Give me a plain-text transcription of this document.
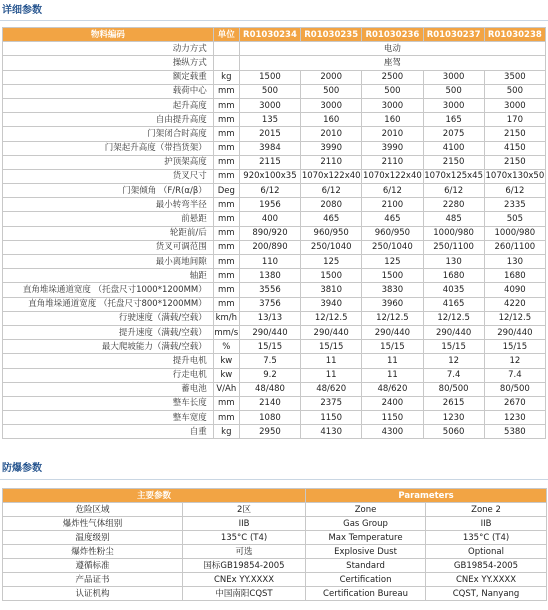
详细参数
物料编码	单位	R01030234	R01030235	R01030236	R01030237	R01030238
动力方式		电动				
操纵方式		座驾				
额定载重	kg	1500	2000	2500	3000	3500
载荷中心	mm	500	500	500	500	500
起升高度	mm	3000	3000	3000	3000	3000
自由提升高度	mm	135	160	160	165	170
门架闭合时高度	mm	2015	2010	2010	2075	2150
门架起升高度（带挡货架）	mm	3984	3990	3990	4100	4150
护顶架高度	mm	2115	2110	2110	2150	2150
货叉尺寸	mm	920x100x35	1070x122x40	1070x122x40	1070x125x45	1070x130x50
门架倾角 （F/R(α/β）	Deg	6/12	6/12	6/12	6/12	6/12
最小转弯半径	mm	1956	2080	2100	2280	2335
前悬距	mm	400	465	465	485	505
轮距前/后	mm	890/920	960/950	960/950	1000/980	1000/980
货叉可调范围	mm	200/890	250/1040	250/1040	250/1100	260/1100
最小离地间隙	mm	110	125	125	130	130
轴距	mm	1380	1500	1500	1680	1680
直角堆垛通道宽度 （托盘尺寸1000*1200MM）	mm	3556	3810	3830	4035	4090
直角堆垛通道宽度 （托盘尺寸800*1200MM）	mm	3756	3940	3960	4165	4220
行驶速度（满载/空载）	km/h	13/13	12/12.5	12/12.5	12/12.5	12/12.5
提升速度（满载/空载）	mm/s	290/440	290/440	290/440	290/440	290/440
最大爬坡能力（满载/空载）	%	15/15	15/15	15/15	15/15	15/15
提升电机	kw	7.5	11	11	12	12
行走电机	kw	9.2	11	11	7.4	7.4
蓄电池	V/Ah	48/480	48/620	48/620	80/500	80/500
整车长度	mm	2140	2375	2400	2615	2670
整车宽度	mm	1080	1150	1150	1230	1230
自重	kg	2950	4130	4300	5060	5380
防爆参数
主要参数		Parameters	
危险区域	2区	Zone	Zone 2
爆炸性气体组别	IIB	Gas Group	IIB
温度级别	135°C (T4)	Max Temperature	135°C (T4)
爆炸性粉尘	可选	Explosive Dust	Optional
遵循标准	国标GB19854-2005	Standard	GB19854-2005
产品证书	CNEx YY.XXXX	Certification	CNEx YY.XXXX
认证机构	中国南阳CQST	Certification Bureau	CQST, Nanyang
